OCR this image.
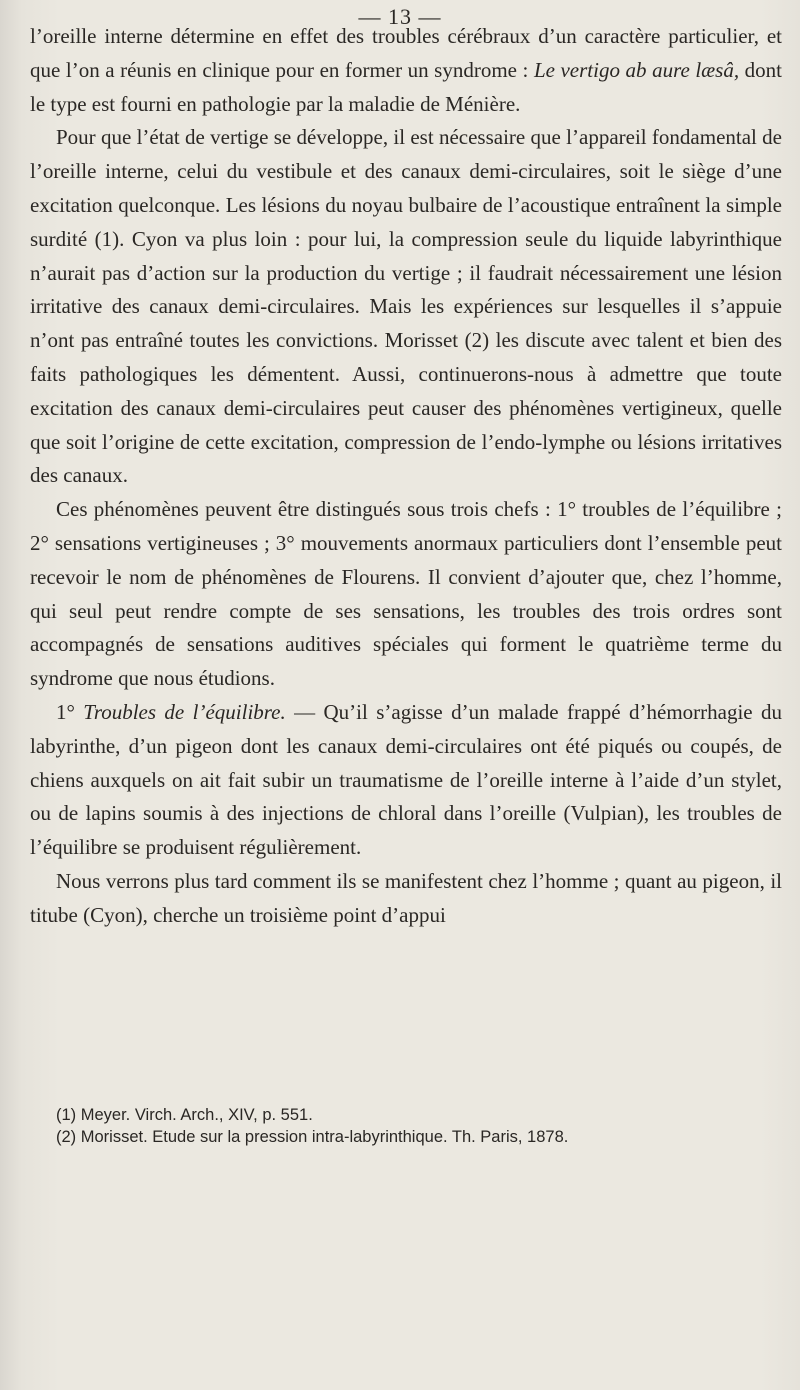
— 13 —

l’oreille interne détermine en effet des troubles cérébraux d’un caractère particulier, et que l’on a réunis en clinique pour en former un syndrome : Le vertigo ab aure læsâ, dont le type est fourni en pathologie par la maladie de Ménière.

Pour que l’état de vertige se développe, il est nécessaire que l’appareil fondamental de l’oreille interne, celui du vestibule et des canaux demi-circulaires, soit le siège d’une excitation quelconque. Les lésions du noyau bulbaire de l’acoustique entraînent la simple surdité (1). Cyon va plus loin : pour lui, la compression seule du liquide labyrinthique n’aurait pas d’action sur la production du vertige ; il faudrait nécessairement une lésion irritative des canaux demi-circulaires. Mais les expériences sur lesquelles il s’appuie n’ont pas entraîné toutes les convictions. Morisset (2) les discute avec talent et bien des faits pathologiques les démentent. Aussi, continuerons-nous à admettre que toute excitation des canaux demi-circulaires peut causer des phénomènes vertigineux, quelle que soit l’origine de cette excitation, compression de l’endo-lymphe ou lésions irritatives des canaux.

Ces phénomènes peuvent être distingués sous trois chefs : 1° troubles de l’équilibre ; 2° sensations vertigineuses ; 3° mouvements anormaux particuliers dont l’ensemble peut recevoir le nom de phénomènes de Flourens. Il convient d’ajouter que, chez l’homme, qui seul peut rendre compte de ses sensations, les troubles des trois ordres sont accompagnés de sensations auditives spéciales qui forment le quatrième terme du syndrome que nous étudions.

1° Troubles de l’équilibre. — Qu’il s’agisse d’un malade frappé d’hémorrhagie du labyrinthe, d’un pigeon dont les canaux demi-circulaires ont été piqués ou coupés, de chiens auxquels on ait fait subir un traumatisme de l’oreille interne à l’aide d’un stylet, ou de lapins soumis à des injections de chloral dans l’oreille (Vulpian), les troubles de l’équilibre se produisent régulièrement.

Nous verrons plus tard comment ils se manifestent chez l’homme ; quant au pigeon, il titube (Cyon), cherche un troisième point d’appui

(1) Meyer. Virch. Arch., XIV, p. 551.

(2) Morisset. Etude sur la pression intra-labyrinthique. Th. Paris, 1878.
